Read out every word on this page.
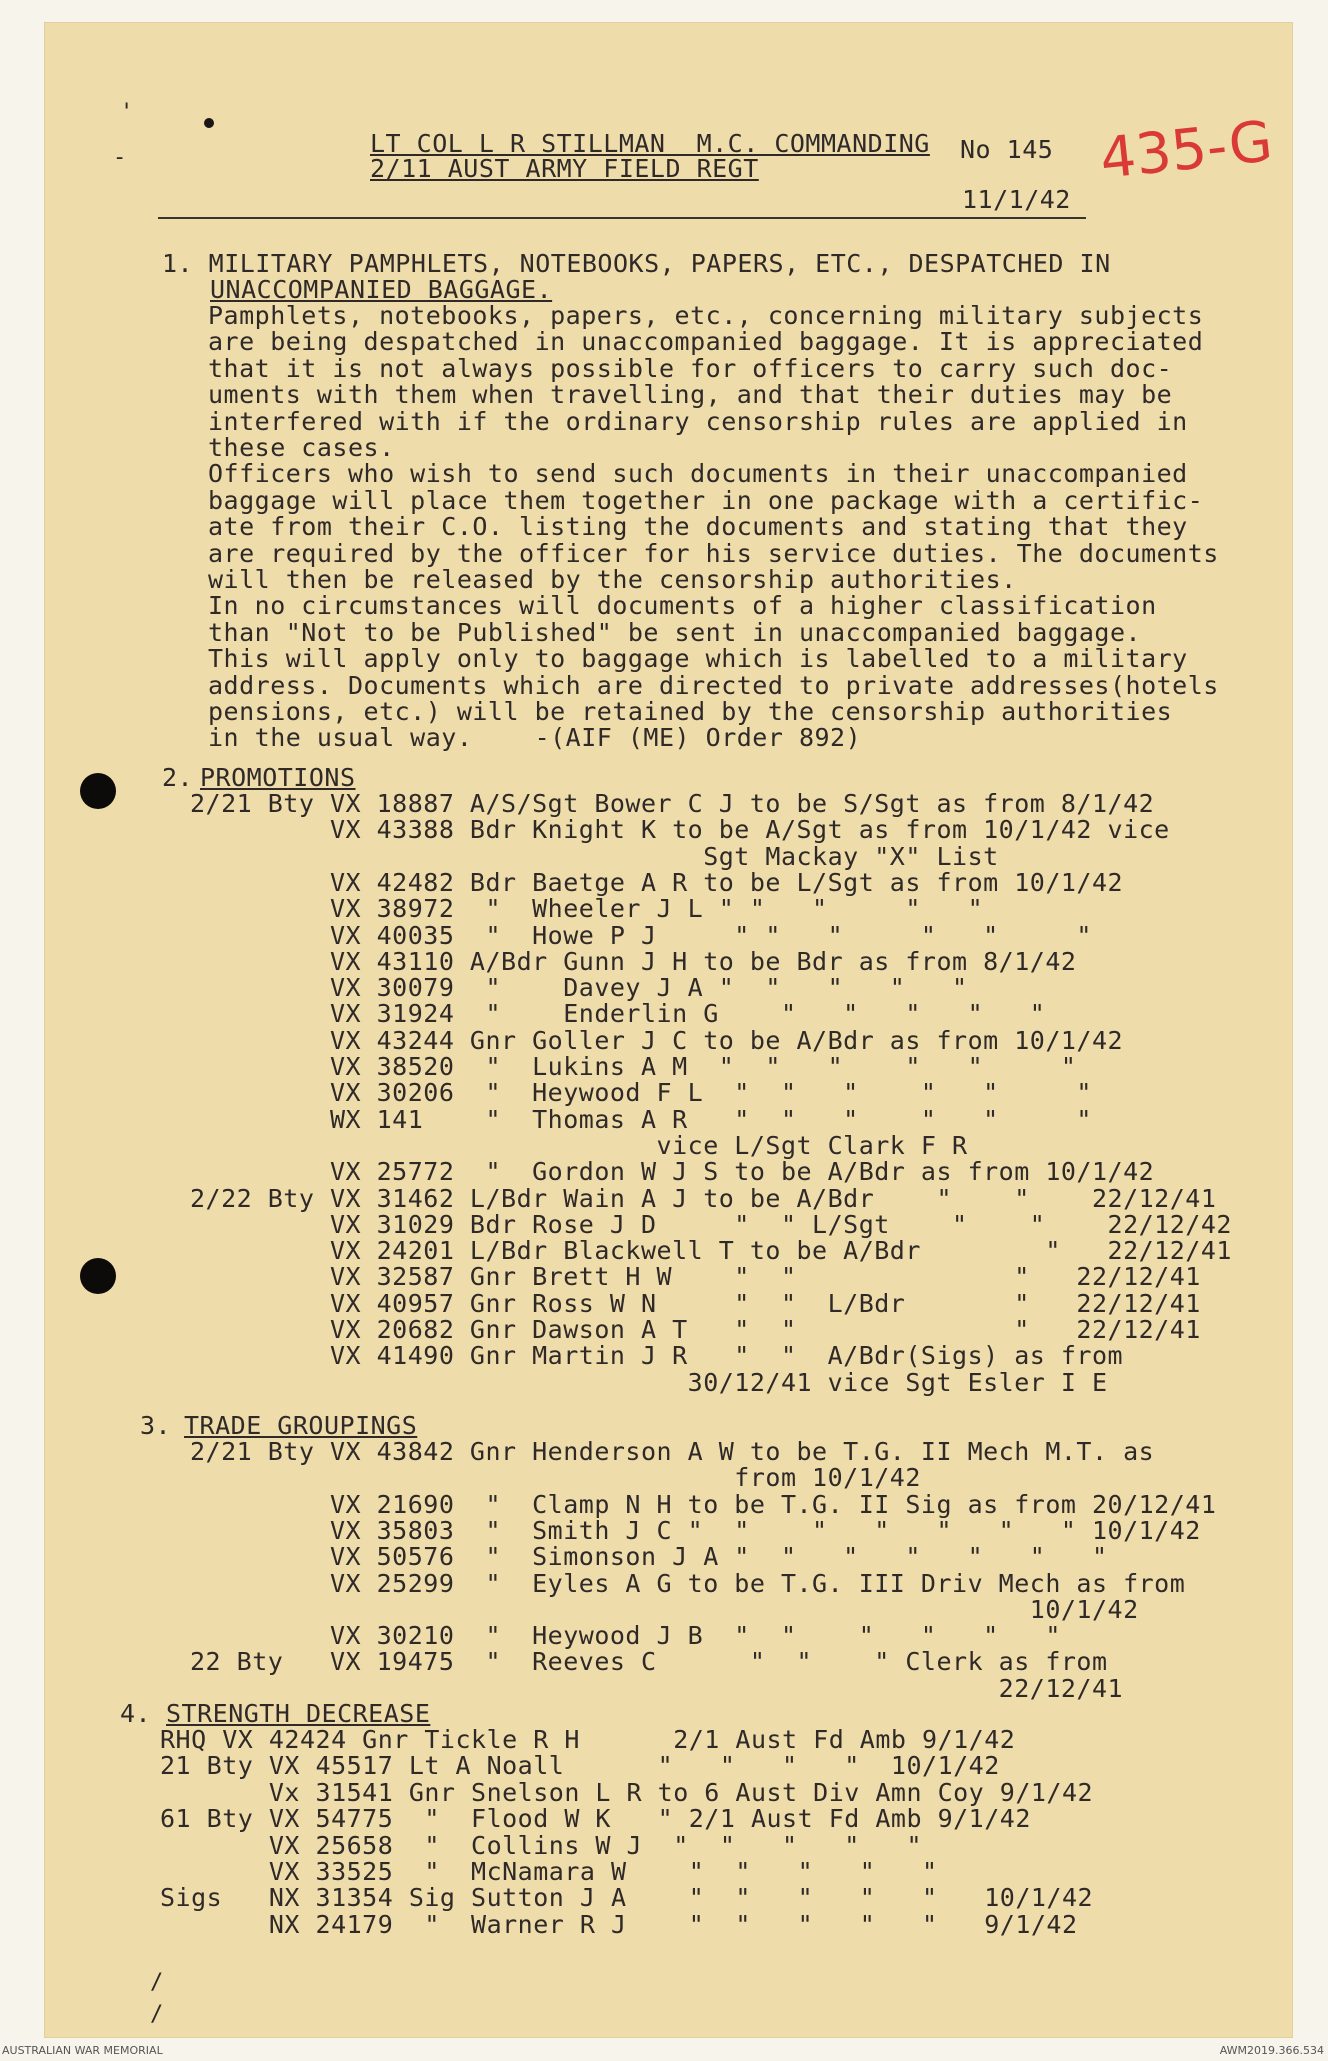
'
-	LT COL L R STILLMAN  M.C. COMMANDING
2/11 AUST ARMY FIELD REGT
No 145
11/1/42
435-G
1. MILITARY PAMPHLETS, NOTEBOOKS, PAPERS, ETC., DESPATCHED IN
UNACCOMPANIED BAGGAGE.
Pamphlets, notebooks, papers, etc., concerning military subjects
are being despatched in unaccompanied baggage. It is appreciated
that it is not always possible for officers to carry such doc-
uments with them when travelling, and that their duties may be
interfered with if the ordinary censorship rules are applied in
these cases.
Officers who wish to send such documents in their unaccompanied
baggage will place them together in one package with a certific-
ate from their C.O. listing the documents and stating that they
are required by the officer for his service duties. The documents
will then be released by the censorship authorities.
In no circumstances will documents of a higher classification
than "Not to be Published" be sent in unaccompanied baggage.
This will apply only to baggage which is labelled to a military
address. Documents which are directed to private addresses(hotels
pensions, etc.) will be retained by the censorship authorities
in the usual way.    -(AIF (ME) Order 892)
2. PROMOTIONS
2/21 Bty VX 18887 A/S/Sgt Bower C J to be S/Sgt as from 8/1/42
VX 43388 Bdr Knight K to be A/Sgt as from 10/1/42 vice
Sgt Mackay "X" List
VX 42482 Bdr Baetge A R to be L/Sgt as from 10/1/42
VX 38972  "  Wheeler J L " "   "     "   "
VX 40035  "  Howe P J     " "   "     "   "     "
VX 43110 A/Bdr Gunn J H to be Bdr as from 8/1/42
VX 30079  "    Davey J A "  "   "   "   "
VX 31924  "    Enderlin G    "   "   "   "   "
VX 43244 Gnr Goller J C to be A/Bdr as from 10/1/42
VX 38520  "  Lukins A M  "  "   "    "   "     "
VX 30206  "  Heywood F L  "  "   "    "   "     "
WX 141    "  Thomas A R   "  "   "    "   "     "
vice L/Sgt Clark F R
VX 25772  "  Gordon W J S to be A/Bdr as from 10/1/42
2/22 Bty VX 31462 L/Bdr Wain A J to be A/Bdr    "    "    22/12/41
VX 31029 Bdr Rose J D     "  " L/Sgt    "    "    22/12/42
VX 24201 L/Bdr Blackwell T to be A/Bdr        "   22/12/41
VX 32587 Gnr Brett H W    "  "              "   22/12/41
VX 40957 Gnr Ross W N     "  "  L/Bdr       "   22/12/41
VX 20682 Gnr Dawson A T   "  "              "   22/12/41
VX 41490 Gnr Martin J R   "  "  A/Bdr(Sigs) as from
30/12/41 vice Sgt Esler I E
3. TRADE GROUPINGS
2/21 Bty VX 43842 Gnr Henderson A W to be T.G. II Mech M.T. as
from 10/1/42
VX 21690  "  Clamp N H to be T.G. II Sig as from 20/12/41
VX 35803  "  Smith J C "  "    "   "   "   "   " 10/1/42
VX 50576  "  Simonson J A "  "   "   "   "   "   "
VX 25299  "  Eyles A G to be T.G. III Driv Mech as from
10/1/42
VX 30210  "  Heywood J B  "  "    "   "   "   "
22 Bty   VX 19475  "  Reeves C      "  "    " Clerk as from
22/12/41
4. STRENGTH DECREASE
RHQ VX 42424 Gnr Tickle R H      2/1 Aust Fd Amb 9/1/42
21 Bty VX 45517 Lt A Noall      "   "   "   "  10/1/42
Vx 31541 Gnr Snelson L R to 6 Aust Div Amn Coy 9/1/42
61 Bty VX 54775  "  Flood W K   " 2/1 Aust Fd Amb 9/1/42
VX 25658  "  Collins W J  "  "   "   "   "
VX 33525  "  McNamara W    "  "   "   "   "
Sigs   NX 31354 Sig Sutton J A    "  "   "   "   "   10/1/42
NX 24179  "  Warner R J    "  "   "   "   "   9/1/42
/
/
AUSTRALIAN WAR MEMORIAL	AWM2019.366.534
